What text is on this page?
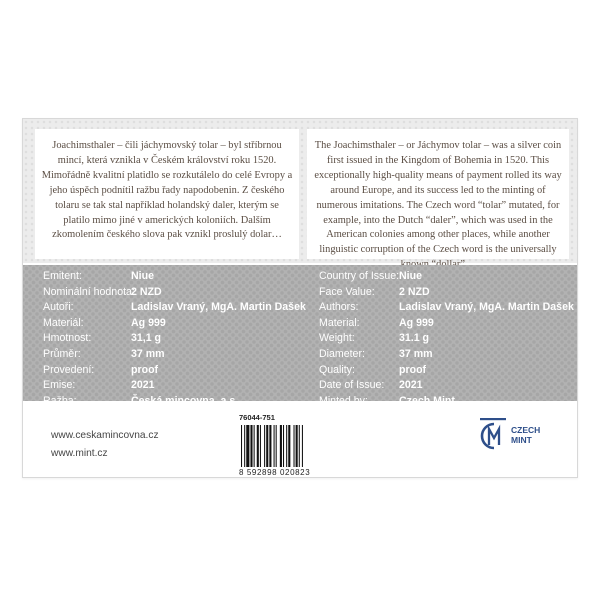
Joachimsthaler – čili jáchymovský tolar – byl stříbrnou mincí, která vznikla v Českém království roku 1520. Mimořádně kvalitní platidlo se rozkutálelo do celé Evropy a jeho úspěch podnítil ražbu řady napodobenin. Z českého tolaru se tak stal například holandský daler, kterým se platilo mimo jiné v amerických koloniích. Dalším zkomolením českého slova pak vznikl proslulý dolar…

The Joachimsthaler – or Jáchymov tolar – was a silver coin first issued in the Kingdom of Bohemia in 1520. This exceptionally high-quality means of payment rolled its way around Europe, and its success led to the minting of numerous imitations. The Czech word “tolar” mutated, for example, into the Dutch “daler”, which was used in the American colonies among other places, while another linguistic corruption of the Czech word is the universally

Emitent:	Niue
Nominální hodnota:2 NZD
Autoři:	Ladislav Vraný, MgA. Martin Dašek
Materiál:	Ag 999
Hmotnost:	31,1 g
Průměr:	37 mm
Provedení:	proof
Emise:	2021
Ražba:	Česká mincovna, a.s.
Country of Issue:Niue
Face Value: 2 NZD
Authors:	Ladislav Vraný, MgA. Martin Dašek
Material:	Ag 999
Weight:	31.1 g
Diameter:	37 mm
Quality:	proof
Date of Issue: 2021
Minted by:	Czech Mint
www.ceskamincovna.cz
www.mint.cz
76044-751
8 592898 020823
CZECH
MINT
